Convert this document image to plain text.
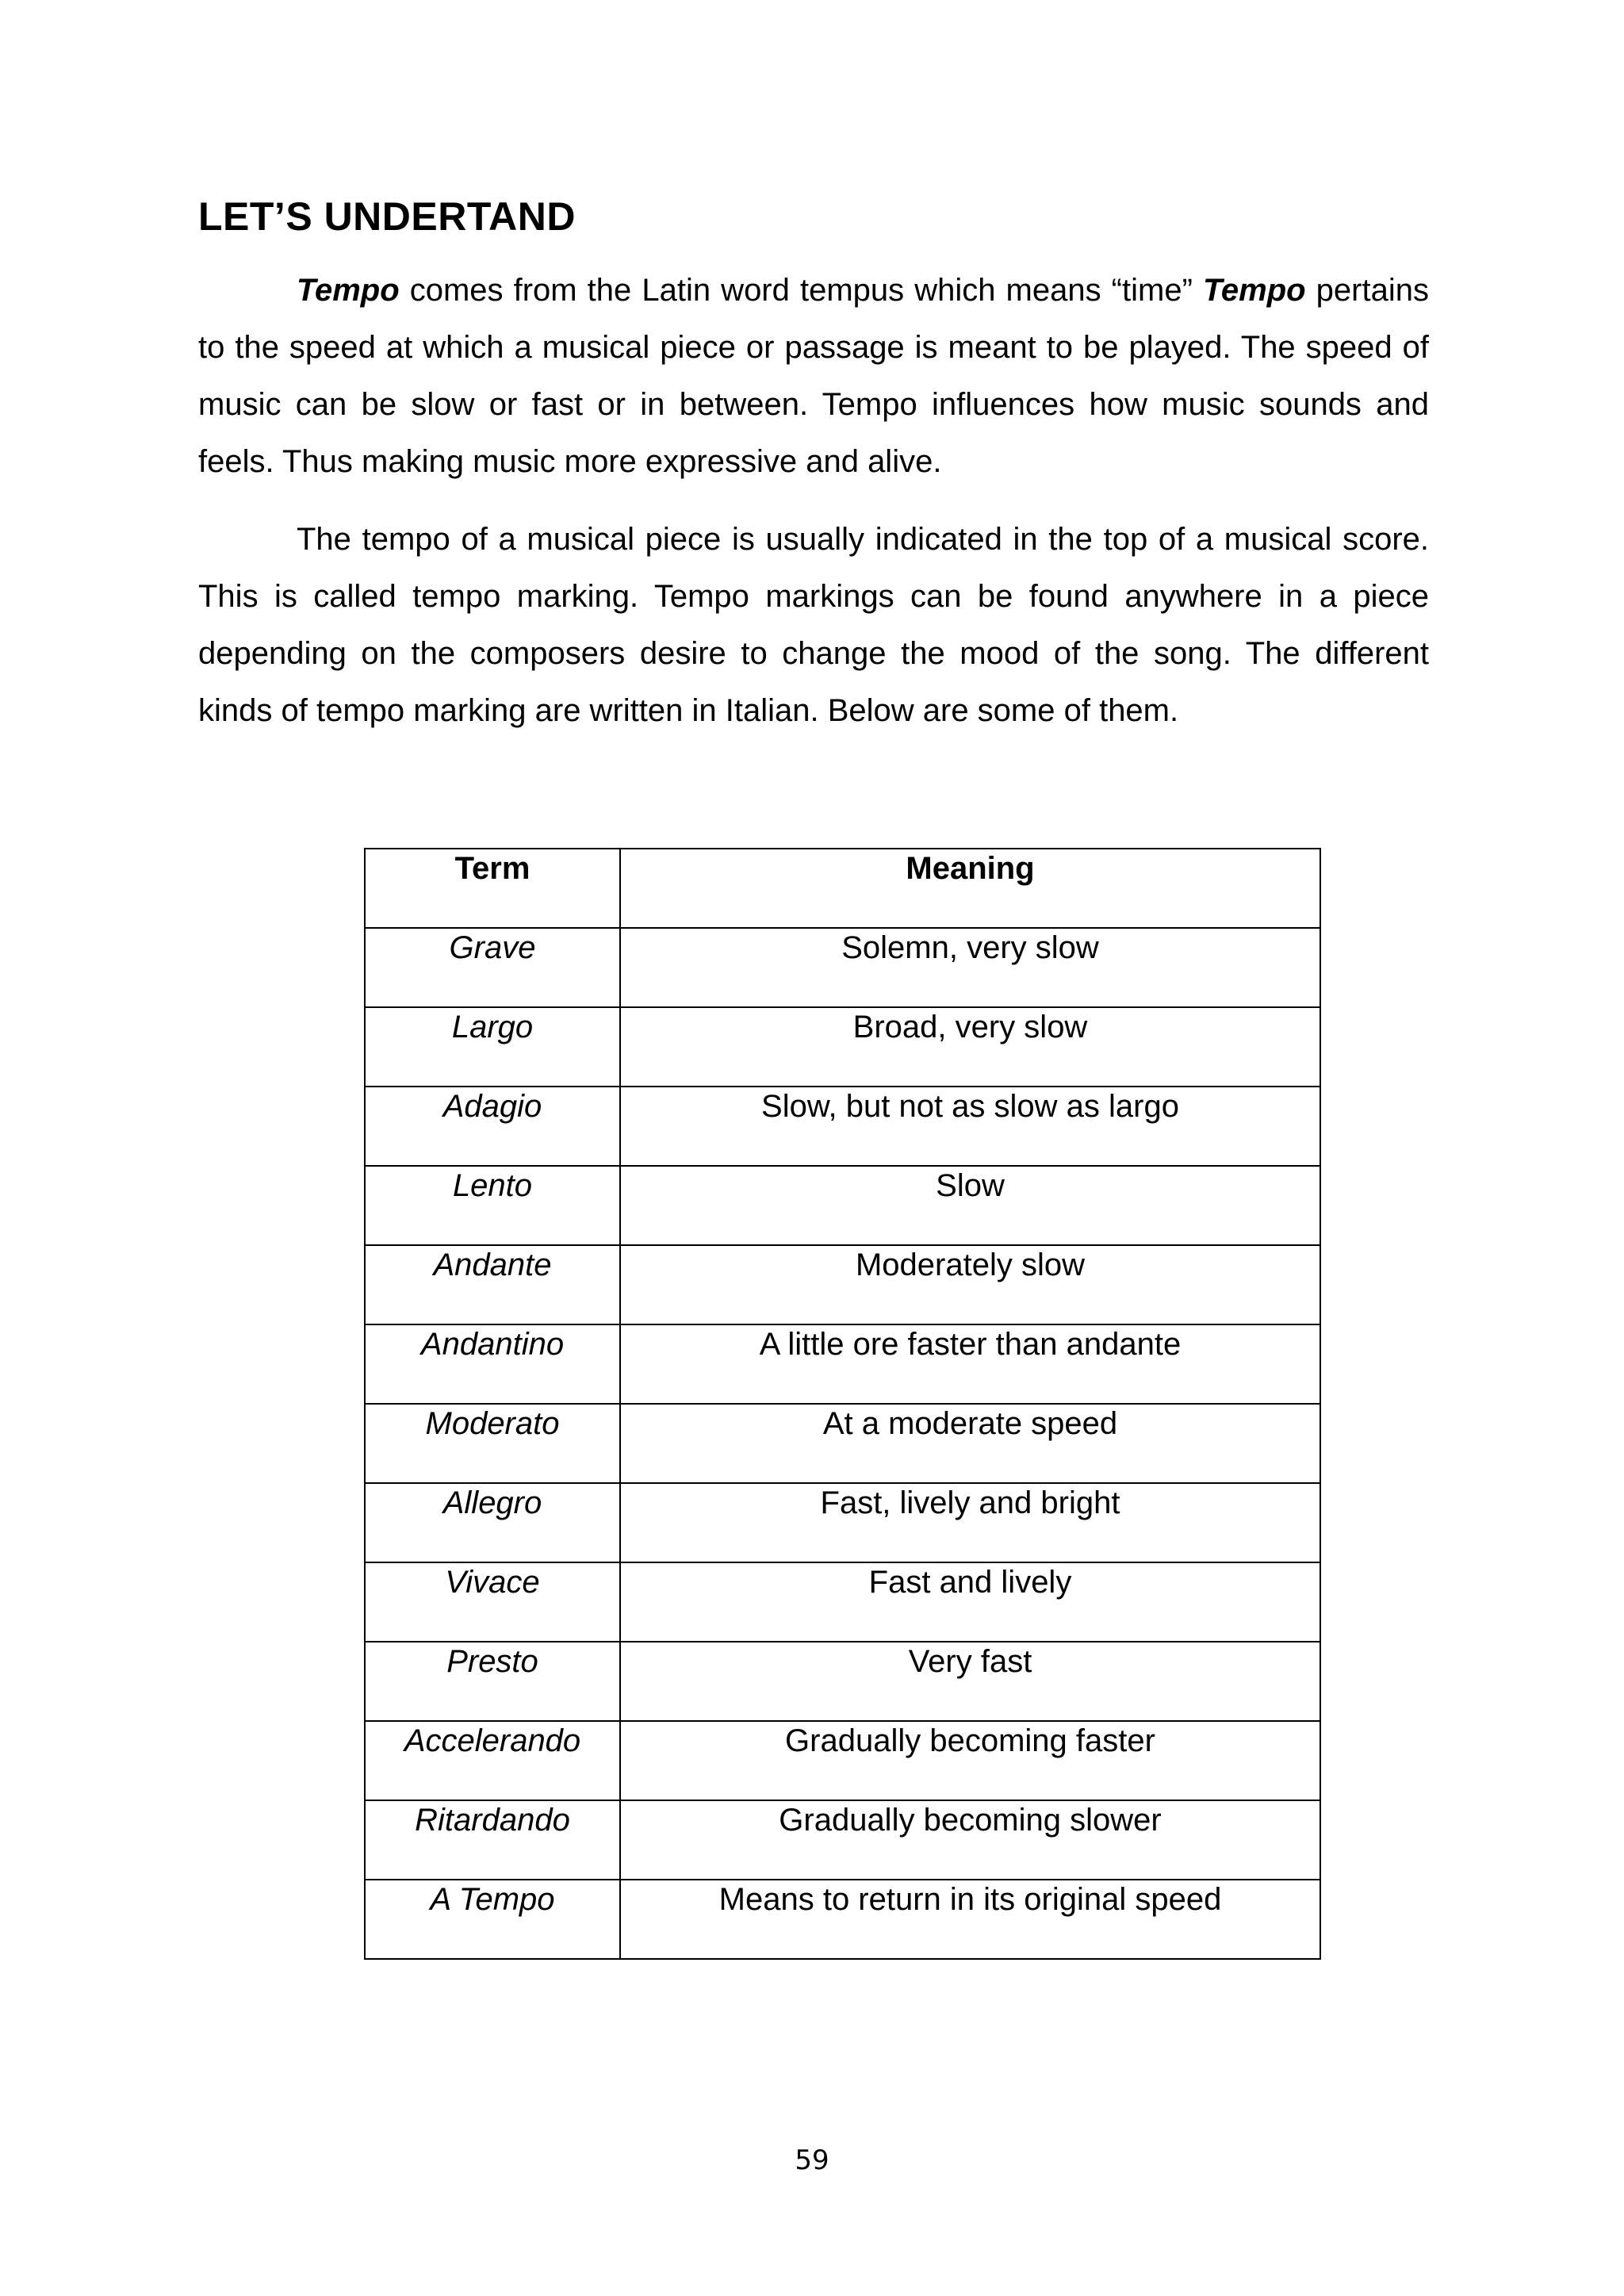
LET’S UNDERTAND

Tempo comes from the Latin word tempus which means “time” Tempo pertains to the speed at which a musical piece or passage is meant to be played. The speed of music can be slow or fast or in between. Tempo influences how music sounds and feels. Thus making music more expressive and alive.

The tempo of a musical piece is usually indicated in the top of a musical score. This is called tempo marking. Tempo markings can be found anywhere in a piece depending on the composers desire to change the mood of the song. The different kinds of tempo marking are written in Italian. Below are some of them.

Term	Meaning
Grave	Solemn, very slow
Largo	Broad, very slow
Adagio	Slow, but not as slow as largo
Lento	Slow
Andante	Moderately slow
Andantino	A little ore faster than andante
Moderato	At a moderate speed
Allegro	Fast, lively and bright
Vivace	Fast and lively
Presto	Very fast
Accelerando	Gradually becoming faster
Ritardando	Gradually becoming slower
A Tempo	Means to return in its original speed

59
